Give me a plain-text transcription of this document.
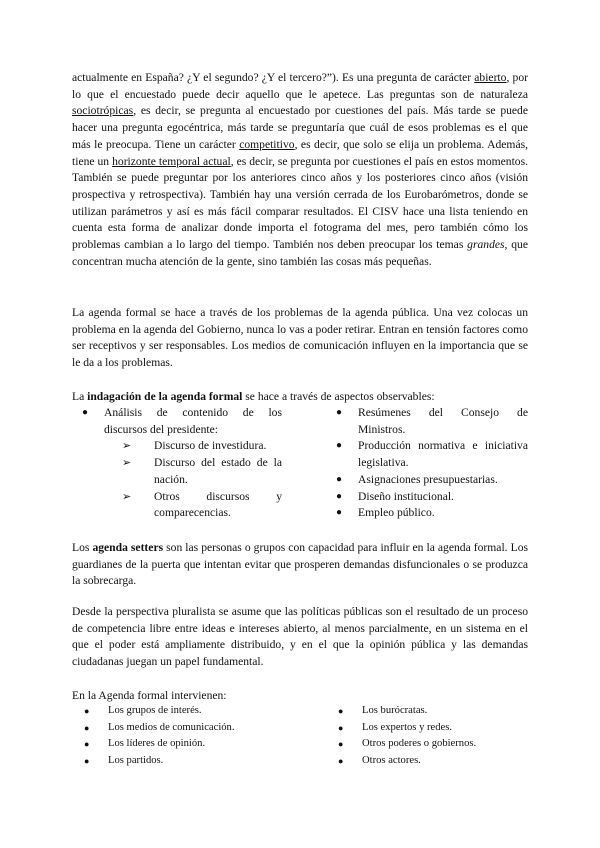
actualmente en España? ¿Y el segundo? ¿Y el tercero?”). Es una pregunta de carácter abierto, por lo que el encuestado puede decir aquello que le apetece. Las preguntas son de naturaleza sociotrópicas, es decir, se pregunta al encuestado por cuestiones del país. Más tarde se puede hacer una pregunta egocéntrica, más tarde se preguntaría que cuál de esos problemas es el que más le preocupa. Tiene un carácter competitivo, es decir, que solo se elija un problema. Además, tiene un horizonte temporal actual, es decir, se pregunta por cuestiones el país en estos momentos. También se puede preguntar por los anteriores cinco años y los posteriores cinco años (visión prospectiva y retrospectiva). También hay una versión cerrada de los Eurobarómetros, donde se utilizan parámetros y así es más fácil comparar resultados. El CISV hace una lista teniendo en cuenta esta forma de analizar donde importa el fotograma del mes, pero también cómo los problemas cambian a lo largo del tiempo. También nos deben preocupar los temas grandes, que concentran mucha atención de la gente, sino también las cosas más pequeñas.

La agenda formal se hace a través de los problemas de la agenda pública. Una vez colocas un problema en la agenda del Gobierno, nunca lo vas a poder retirar. Entran en tensión factores como ser receptivos y ser responsables. Los medios de comunicación influyen en la importancia que se le da a los problemas.

La indagación de la agenda formal se hace a través de aspectos observables:

● Análisis de contenido de los
discursos del presidente:
➢ Discurso de investidura.
➢ Discurso del estado de la
nación.
➢ Otros discursos y
comparecencias.
● Resúmenes del Consejo de
Ministros.
● Producción normativa e iniciativa
legislativa.
● Asignaciones presupuestarias.
● Diseño institucional.
● Empleo público.

Los agenda setters son las personas o grupos con capacidad para influir en la agenda formal. Los guardianes de la puerta que intentan evitar que prosperen demandas disfuncionales o se produzca la sobrecarga.

Desde la perspectiva pluralista se asume que las políticas públicas son el resultado de un proceso de competencia libre entre ideas e intereses abierto, al menos parcialmente, en un sistema en el que el poder está ampliamente distribuido, y en el que la opinión pública y las demandas ciudadanas juegan un papel fundamental.

En la Agenda formal intervienen:

● Los grupos de interés.
● Los medios de comunicación.
● Los líderes de opinión.
● Los partidos.
● Los burócratas.
● Los expertos y redes.
● Otros poderes o gobiernos.
● Otros actores.
